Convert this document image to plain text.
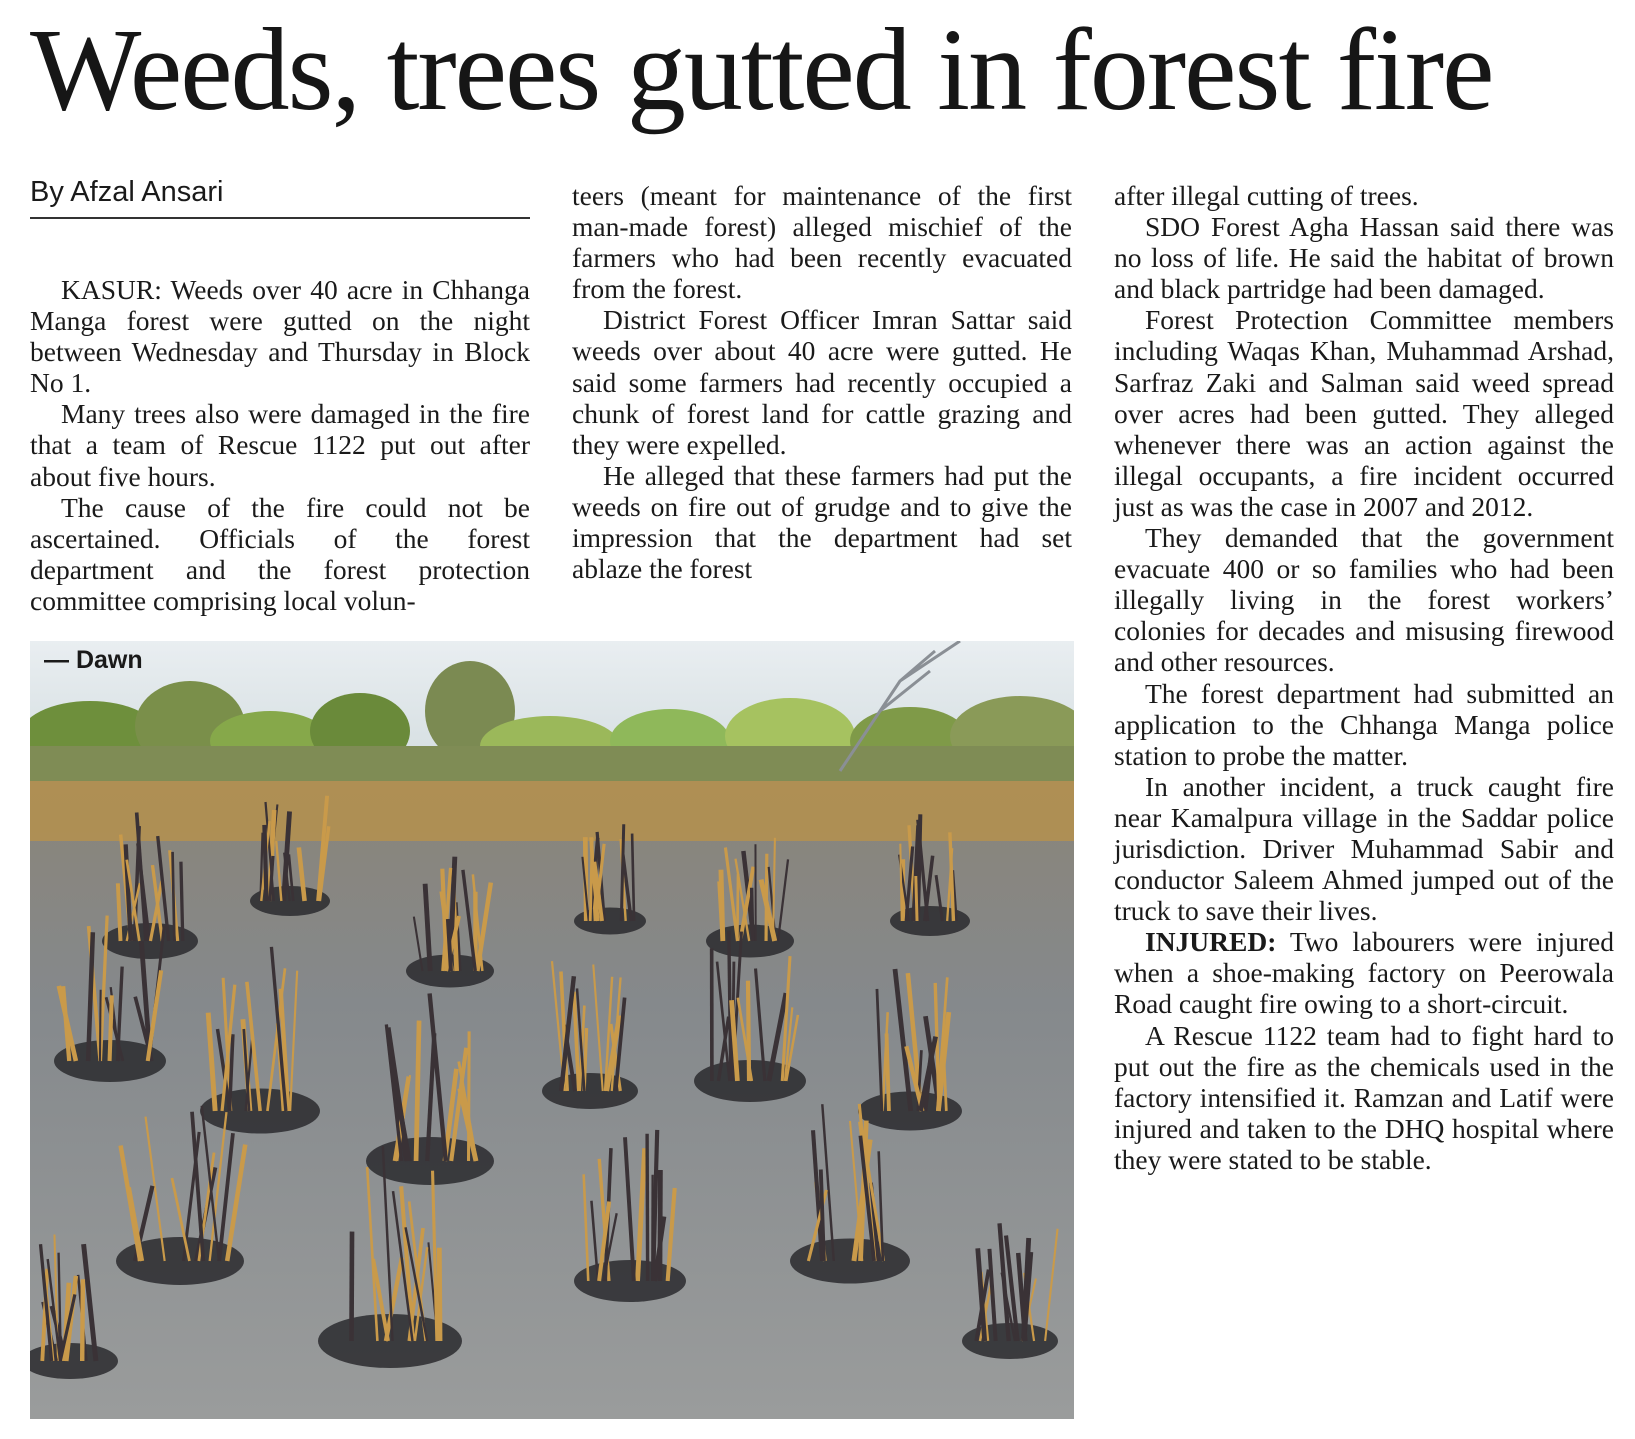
Weeds, trees gutted in forest fire
By Afzal Ansari

KASUR: Weeds over 40 acre in Chhanga Manga forest were gutted on the night between Wednesday and Thursday in Block No 1.

Many trees also were damaged in the fire that a team of Rescue 1122 put out after about five hours.

The cause of the fire could not be ascertained. Officials of the forest department and the forest protection committee comprising local volun-

teers (meant for maintenance of the first man-made forest) alleged mischief of the farmers who had been recently evacuated from the forest.

District Forest Officer Imran Sattar said weeds over about 40 acre were gutted. He said some farmers had recently occupied a chunk of forest land for cattle grazing and they were expelled.

He alleged that these farmers had put the weeds on fire out of grudge and to give the impression that the department had set ablaze the forest

after illegal cutting of trees.

SDO Forest Agha Hassan said there was no loss of life. He said the habitat of brown and black partridge had been damaged.

Forest Protection Committee members including Waqas Khan, Muhammad Arshad, Sarfraz Zaki and Salman said weed spread over acres had been gutted. They alleged whenever there was an action against the illegal occupants, a fire incident occurred just as was the case in 2007 and 2012.

They demanded that the government evacuate 400 or so families who had been illegally living in the forest workers’ colonies for decades and misusing firewood and other resources.

The forest department had submitted an application to the Chhanga Manga police station to probe the matter.

In another incident, a truck caught fire near Kamalpura village in the Saddar police jurisdiction. Driver Muhammad Sabir and conductor Saleem Ahmed jumped out of the truck to save their lives.

INJURED: Two labourers were injured when a shoe-making factory on Peerowala Road caught fire owing to a short-circuit.

A Rescue 1122 team had to fight hard to put out the fire as the chemicals used in the factory intensified it. Ramzan and Latif were injured and taken to the DHQ hospital where they were stated to be stable.

— Dawn
